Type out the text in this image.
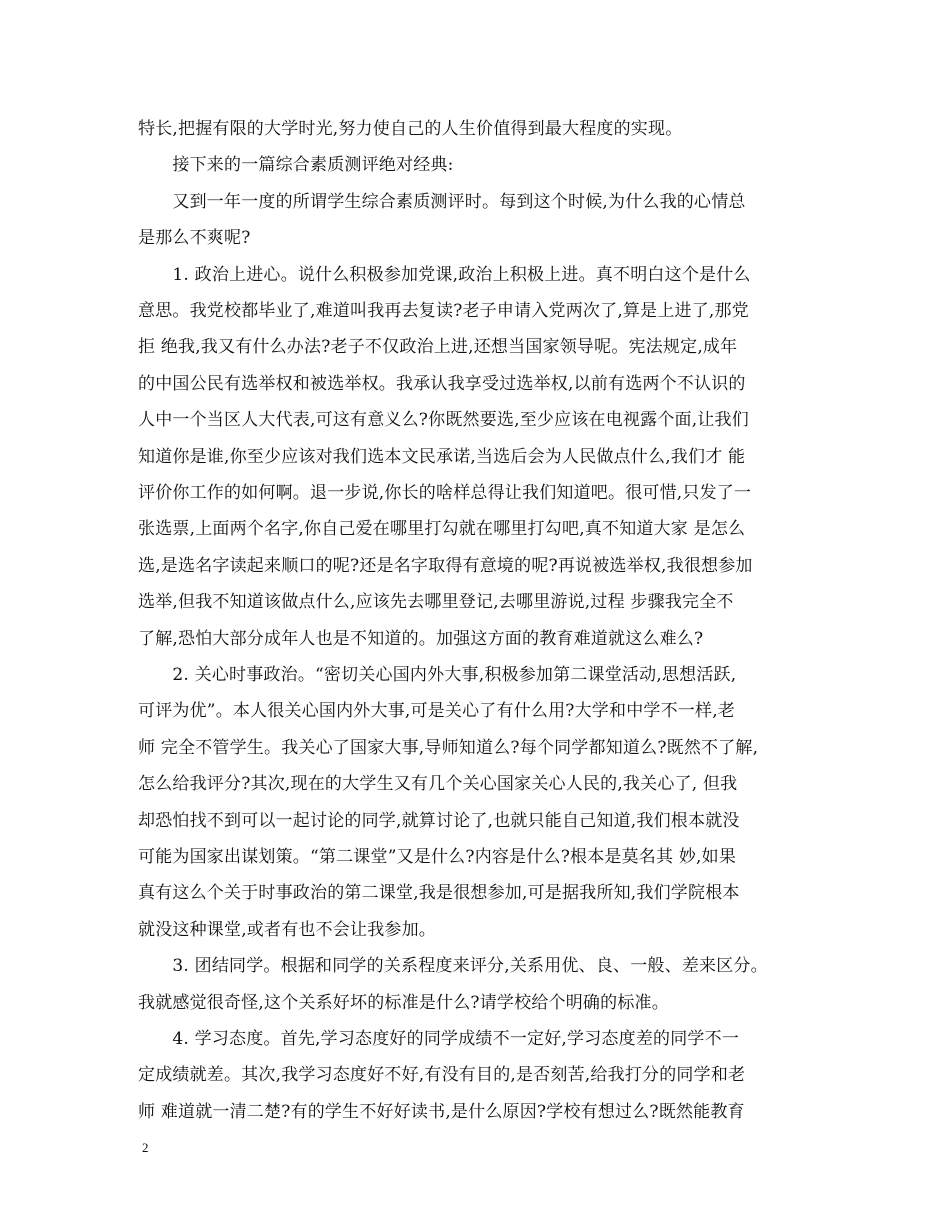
特长,把握有限的大学时光,努力使自己的人生价值得到最大程度的实现。
　　接下来的一篇综合素质测评绝对经典:
　　又到一年一度的所谓学生综合素质测评时。每到这个时候,为什么我的心情总
是那么不爽呢?
　　1. 政治上进心。说什么积极参加党课,政治上积极上进。真不明白这个是什么
意思。我党校都毕业了,难道叫我再去复读?老子申请入党两次了,算是上进了,那党
拒 绝我,我又有什么办法?老子不仅政治上进,还想当国家领导呢。宪法规定,成年
的中国公民有选举权和被选举权。我承认我享受过选举权,以前有选两个不认识的
人中一个当区人大代表,可这有意义么?你既然要选,至少应该在电视露个面,让我们
知道你是谁,你至少应该对我们选本文民承诺,当选后会为人民做点什么,我们才 能
评价你工作的如何啊。退一步说,你长的啥样总得让我们知道吧。很可惜,只发了一
张选票,上面两个名字,你自己爱在哪里打勾就在哪里打勾吧,真不知道大家 是怎么
选,是选名字读起来顺口的呢?还是名字取得有意境的呢?再说被选举权,我很想参加
选举,但我不知道该做点什么,应该先去哪里登记,去哪里游说,过程 步骤我完全不
了解,恐怕大部分成年人也是不知道的。加强这方面的教育难道就这么难么?
　　2. 关心时事政治。“密切关心国内外大事,积极参加第二课堂活动,思想活跃,
可评为优”。本人很关心国内外大事,可是关心了有什么用?大学和中学不一样,老
师 完全不管学生。我关心了国家大事,导师知道么?每个同学都知道么?既然不了解,
怎么给我评分?其次,现在的大学生又有几个关心国家关心人民的,我关心了, 但我
却恐怕找不到可以一起讨论的同学,就算讨论了,也就只能自己知道,我们根本就没
可能为国家出谋划策。“第二课堂”又是什么?内容是什么?根本是莫名其 妙,如果
真有这么个关于时事政治的第二课堂,我是很想参加,可是据我所知,我们学院根本
就没这种课堂,或者有也不会让我参加。
　　3. 团结同学。根据和同学的关系程度来评分,关系用优、良、一般、差来区分。
我就感觉很奇怪,这个关系好坏的标准是什么?请学校给个明确的标准。
　　4. 学习态度。首先,学习态度好的同学成绩不一定好,学习态度差的同学不一
定成绩就差。其次,我学习态度好不好,有没有目的,是否刻苦,给我打分的同学和老
师 难道就一清二楚?有的学生不好好读书,是什么原因?学校有想过么?既然能教育
2
